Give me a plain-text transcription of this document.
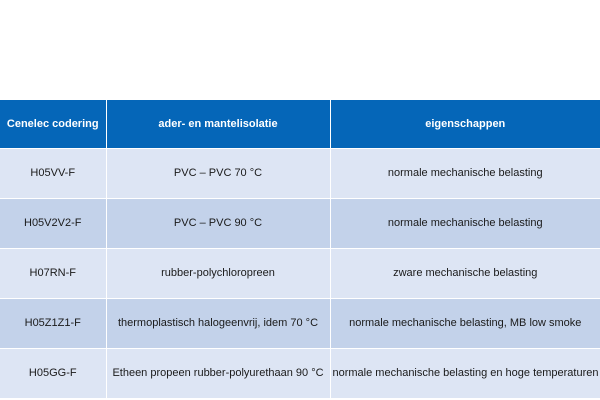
Cenelec codering	ader- en mantelisolatie	eigenschappen
H05VV-F	PVC – PVC 70 °C	normale mechanische belasting
H05V2V2-F	PVC – PVC 90 °C	normale mechanische belasting
H07RN-F	rubber-polychloropreen	zware mechanische belasting
H05Z1Z1-F	thermoplastisch halogeenvrij, idem 70 °C	normale mechanische belasting, MB low smoke
H05GG-F	Etheen propeen rubber-polyurethaan 90 °C	normale mechanische belasting en hoge temperaturen
